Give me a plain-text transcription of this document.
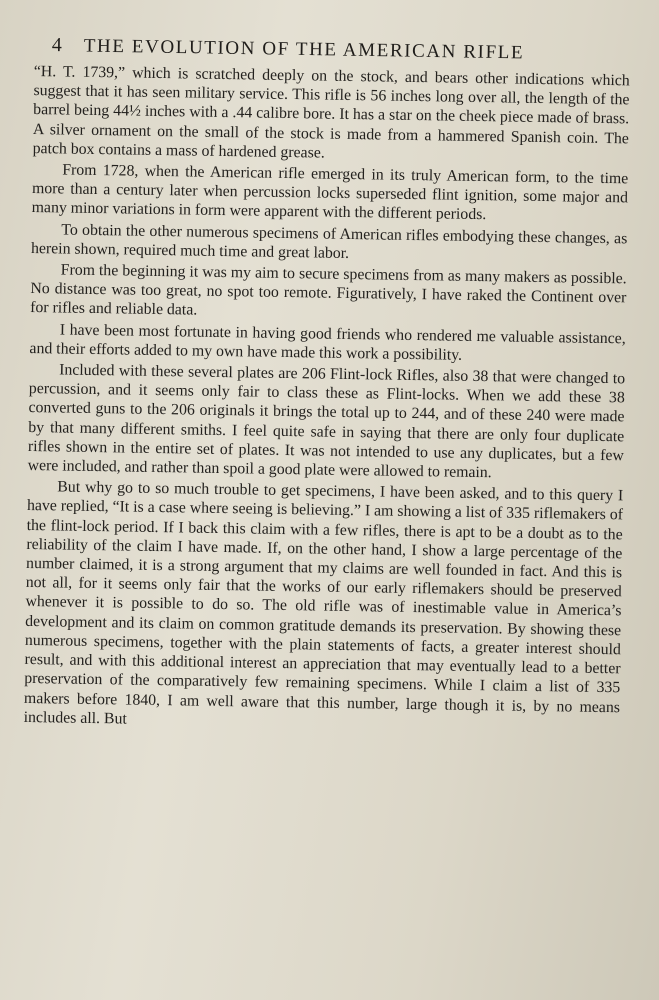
4 THE EVOLUTION OF THE AMERICAN RIFLE

“H. T. 1739,” which is scratched deeply on the stock, and bears other indications which suggest that it has seen military service. This rifle is 56 inches long over all, the length of the barrel being 44½ inches with a .44 calibre bore. It has a star on the cheek piece made of brass. A silver ornament on the small of the stock is made from a hammered Spanish coin. The patch box contains a mass of hardened grease.

From 1728, when the American rifle emerged in its truly American form, to the time more than a century later when percussion locks superseded flint ignition, some major and many minor variations in form were apparent with the different periods.

To obtain the other numerous specimens of American rifles embodying these changes, as herein shown, required much time and great labor.

From the beginning it was my aim to secure specimens from as many makers as possible. No distance was too great, no spot too remote. Figuratively, I have raked the Continent over for rifles and reliable data.

I have been most fortunate in having good friends who rendered me valuable assistance, and their efforts added to my own have made this work a possibility.

Included with these several plates are 206 Flint-lock Rifles, also 38 that were changed to percussion, and it seems only fair to class these as Flint-locks. When we add these 38 converted guns to the 206 originals it brings the total up to 244, and of these 240 were made by that many different smiths. I feel quite safe in saying that there are only four duplicate rifles shown in the entire set of plates. It was not intended to use any duplicates, but a few were included, and rather than spoil a good plate were allowed to remain.

But why go to so much trouble to get specimens, I have been asked, and to this query I have replied, “It is a case where seeing is believing.” I am showing a list of 335 riflemakers of the flint-lock period. If I back this claim with a few rifles, there is apt to be a doubt as to the reliability of the claim I have made. If, on the other hand, I show a large percentage of the number claimed, it is a strong argument that my claims are well founded in fact. And this is not all, for it seems only fair that the works of our early riflemakers should be preserved whenever it is possible to do so. The old rifle was of inestimable value in America’s development and its claim on common gratitude demands its preservation. By showing these numerous specimens, together with the plain statements of facts, a greater interest should result, and with this additional interest an appreciation that may eventually lead to a better preservation of the comparatively few remaining specimens. While I claim a list of 335 makers before 1840, I am well aware that this number, large though it is, by no means includes all. But
